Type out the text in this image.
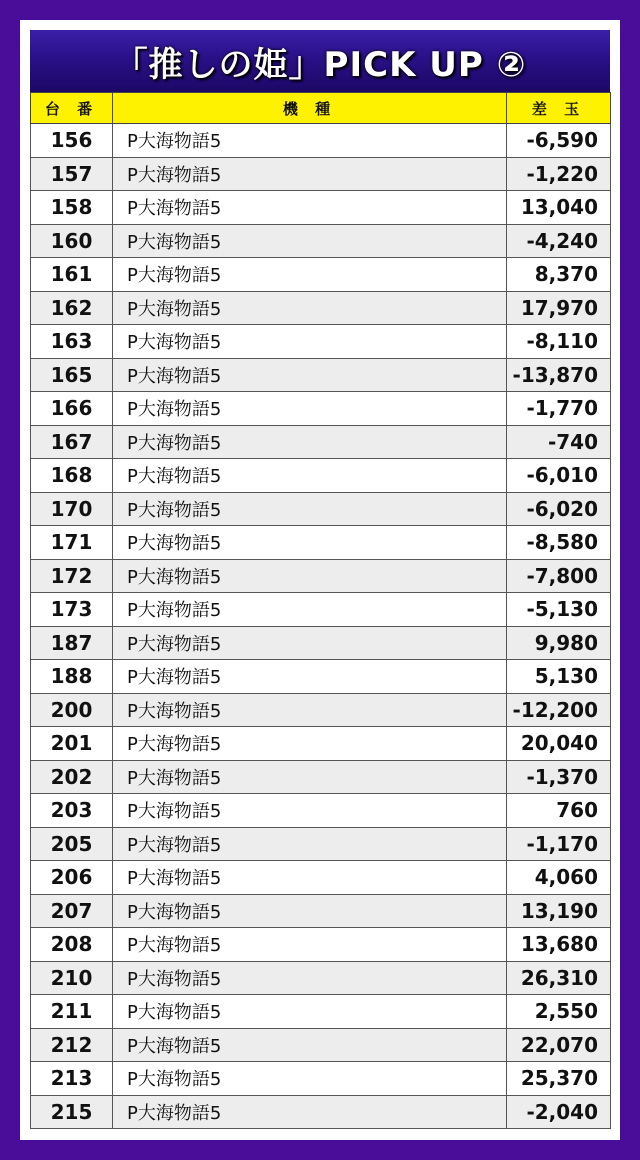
「推しの姫」PICK UP ②
台 番	機 種	差 玉
156	P大海物語5	-6,590
157	P大海物語5	-1,220
158	P大海物語5	13,040
160	P大海物語5	-4,240
161	P大海物語5	8,370
162	P大海物語5	17,970
163	P大海物語5	-8,110
165	P大海物語5	-13,870
166	P大海物語5	-1,770
167	P大海物語5	-740
168	P大海物語5	-6,010
170	P大海物語5	-6,020
171	P大海物語5	-8,580
172	P大海物語5	-7,800
173	P大海物語5	-5,130
187	P大海物語5	9,980
188	P大海物語5	5,130
200	P大海物語5	-12,200
201	P大海物語5	20,040
202	P大海物語5	-1,370
203	P大海物語5	760
205	P大海物語5	-1,170
206	P大海物語5	4,060
207	P大海物語5	13,190
208	P大海物語5	13,680
210	P大海物語5	26,310
211	P大海物語5	2,550
212	P大海物語5	22,070
213	P大海物語5	25,370
215	P大海物語5	-2,040
